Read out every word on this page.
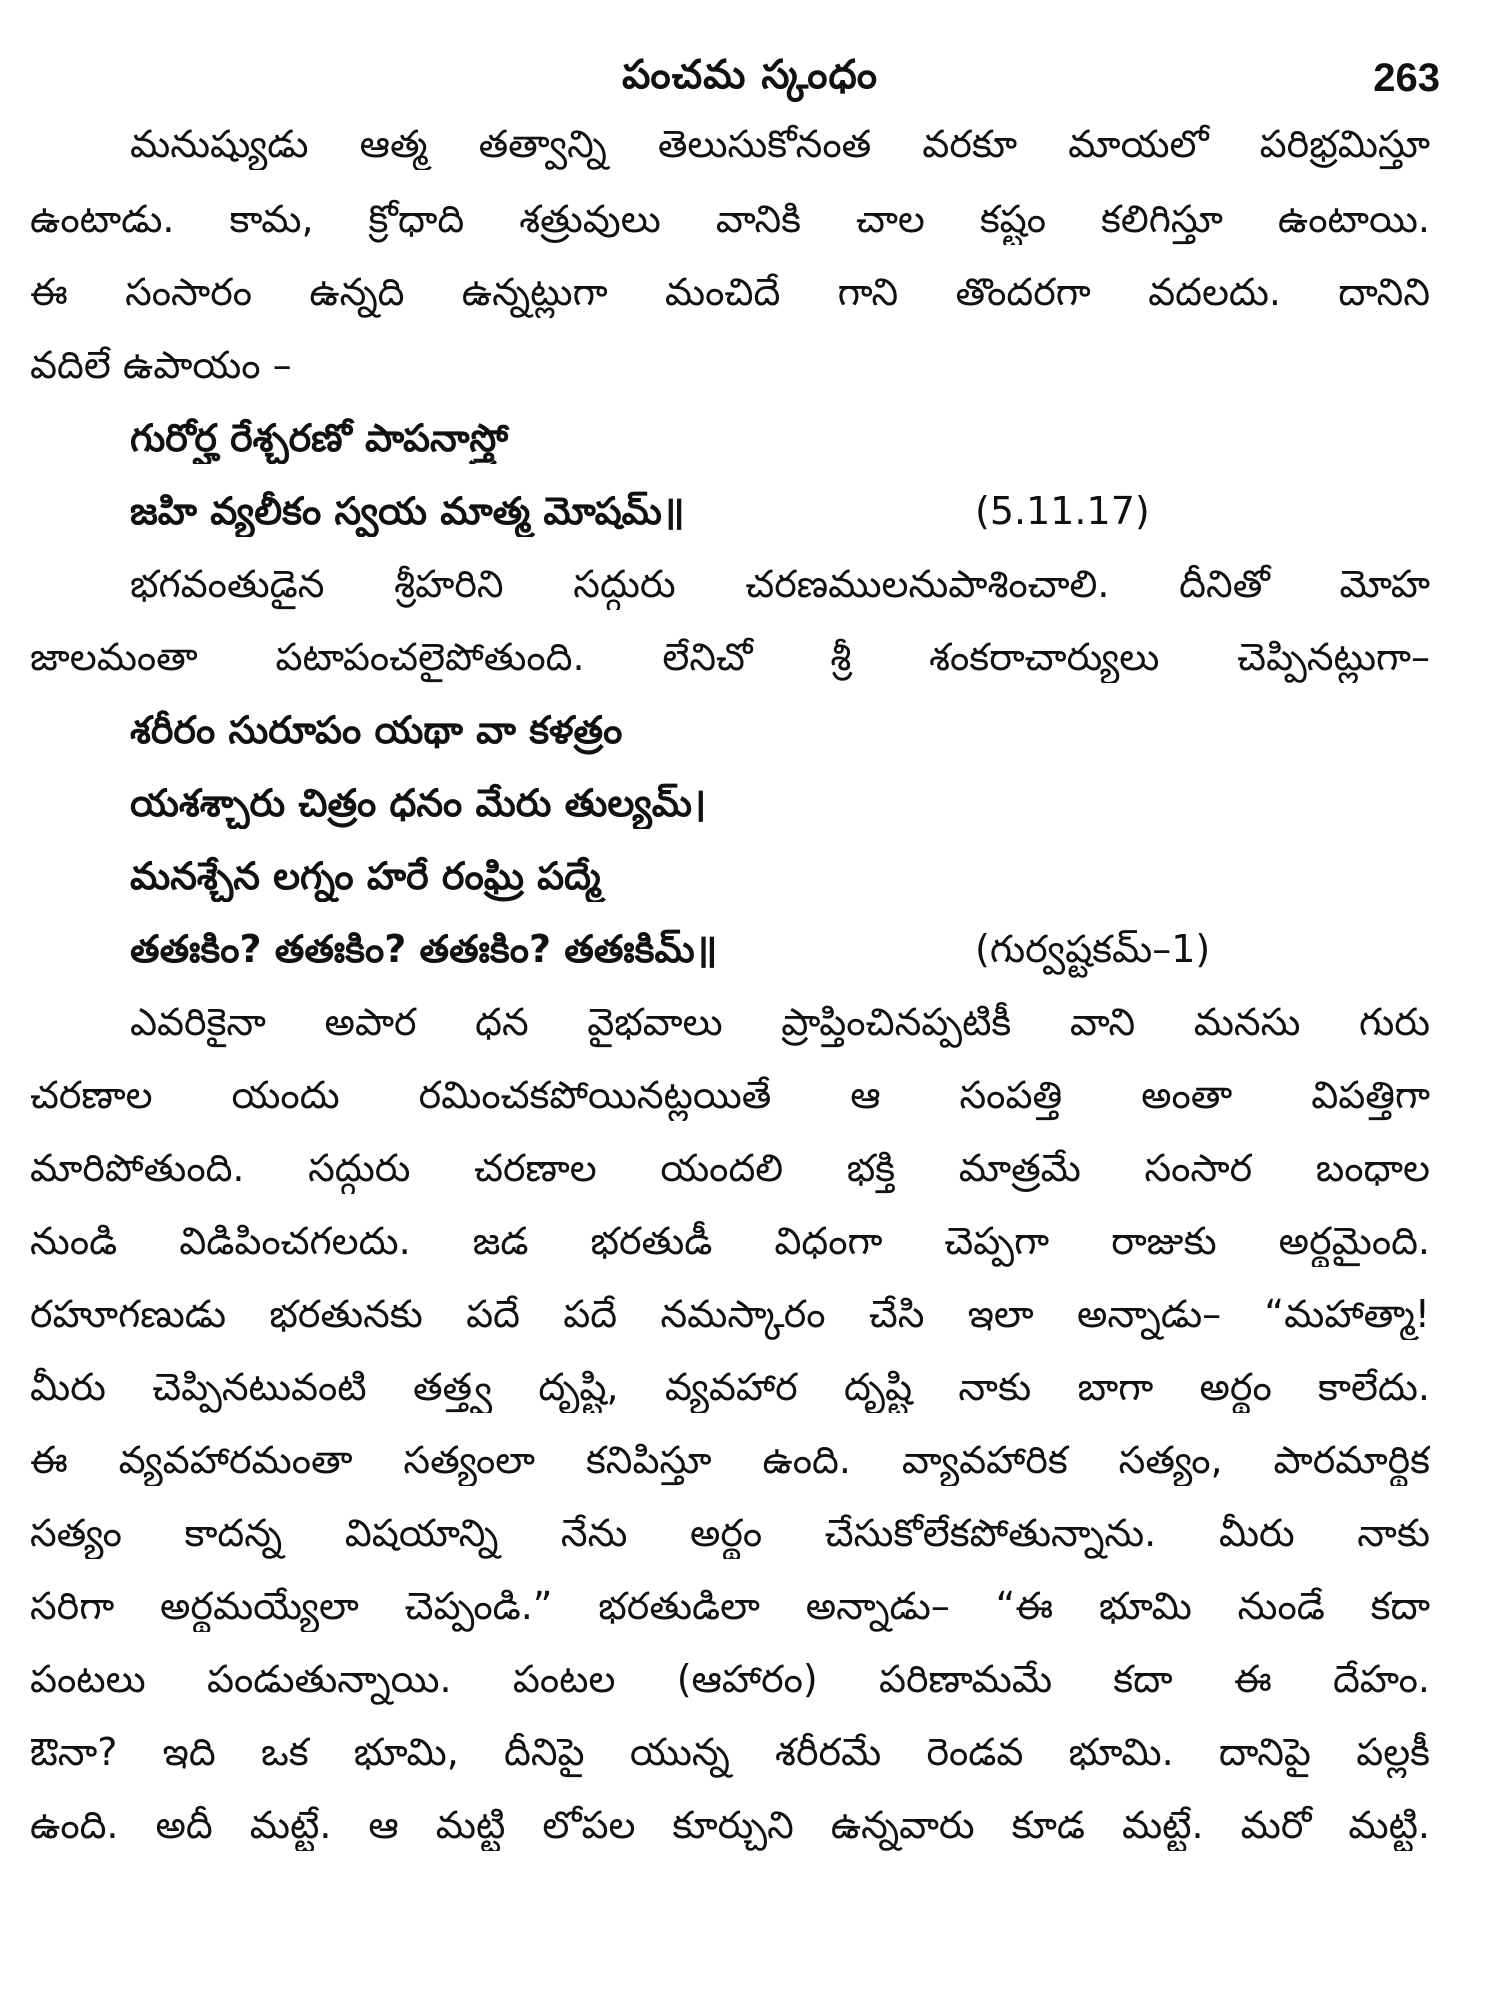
పంచమ స్కంధం	263
మనుష్యుడు ఆత్మ తత్వాన్ని తెలుసుకోనంత వరకూ మాయలో పరిభ్రమిస్తూ
ఉంటాడు. కామ, క్రోధాది శత్రువులు వానికి చాల కష్టం కలిగిస్తూ ఉంటాయి.
ఈ సంసారం ఉన్నది ఉన్నట్లుగా మంచిదే గాని తొందరగా వదలదు. దానిని
వదిలే ఉపాయం –
గురోర్హ రేశ్చరణో పాపనాస్త్రో
జహి వ్యలీకం స్వయ మాత్మ మోషమ్॥	(5.11.17)
భగవంతుడైన శ్రీహరిని సద్గురు చరణములనుపాశించాలి. దీనితో మోహ
జాలమంతా పటాపంచలైపోతుంది. లేనిచో శ్రీ శంకరాచార్యులు చెప్పినట్లుగా–
శరీరం సురూపం యథా వా కళత్రం
యశశ్చారు చిత్రం ధనం మేరు తుల్యమ్।
మనశ్చేన లగ్నం హరే రంఘ్రి పద్మే
తతఃకిం? తతఃకిం? తతఃకిం? తతఃకిమ్॥	(గుర్వష్టకమ్–1)
ఎవరికైనా అపార ధన వైభవాలు ప్రాప్తించినప్పటికీ వాని మనసు గురు
చరణాల యందు రమించకపోయినట్లయితే ఆ సంపత్తి అంతా విపత్తిగా
మారిపోతుంది. సద్గురు చరణాల యందలి భక్తి మాత్రమే సంసార బంధాల
నుండి విడిపించగలదు. జడ భరతుడీ విధంగా చెప్పగా రాజుకు అర్థమైంది.
రహూగణుడు భరతునకు పదే పదే నమస్కారం చేసి ఇలా అన్నాడు– “మహాత్మా!
మీరు చెప్పినటువంటి తత్త్వ దృష్టి, వ్యవహార దృష్టి నాకు బాగా అర్థం కాలేదు.
ఈ వ్యవహారమంతా సత్యంలా కనిపిస్తూ ఉంది. వ్యావహారిక సత్యం, పారమార్థిక
సత్యం కాదన్న విషయాన్ని నేను అర్థం చేసుకోలేకపోతున్నాను. మీరు నాకు
సరిగా అర్థమయ్యేలా చెప్పండి.” భరతుడిలా అన్నాడు– “ఈ భూమి నుండే కదా
పంటలు పండుతున్నాయి. పంటల (ఆహారం) పరిణామమే కదా ఈ దేహం.
ఔనా? ఇది ఒక భూమి, దీనిపై యున్న శరీరమే రెండవ భూమి. దానిపై పల్లకీ
ఉంది. అదీ మట్టే. ఆ మట్టి లోపల కూర్చుని ఉన్నవారు కూడ మట్టే. మరో మట్టి.
